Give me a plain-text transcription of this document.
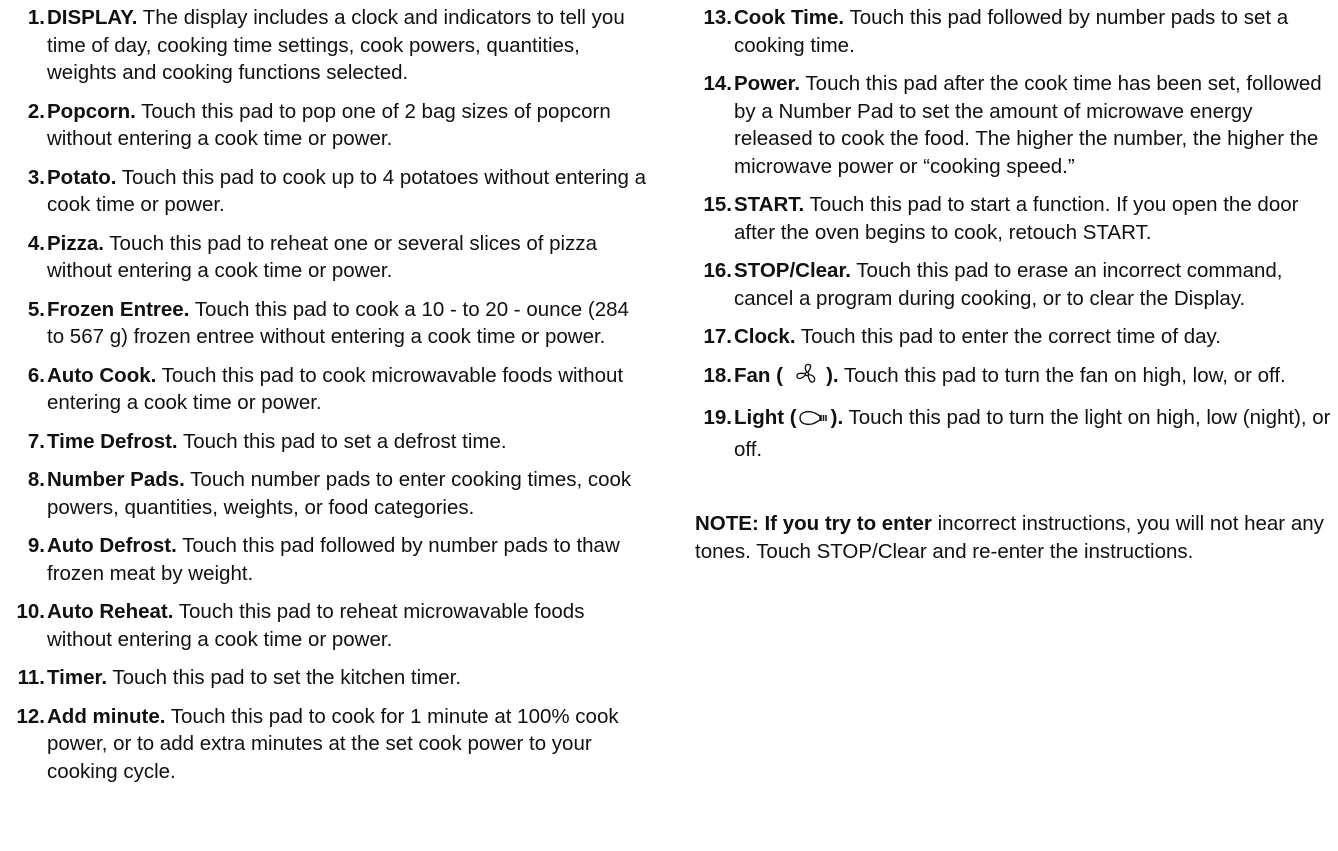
1. DISPLAY. The display includes a clock and indicators to tell you time of day, cooking time settings, cook powers, quantities, weights and cooking functions selected.
2. Popcorn. Touch this pad to pop one of 2 bag sizes of popcorn without entering a cook time or power.
3. Potato. Touch this pad to cook up to 4 potatoes without entering a cook time or power.
4. Pizza. Touch this pad to reheat one or several slices of pizza without entering a cook time or power.
5. Frozen Entree. Touch this pad to cook a 10 - to 20 - ounce (284 to 567 g) frozen entree without entering a cook time or power.
6. Auto Cook. Touch this pad to cook microwavable foods without entering a cook time or power.
7. Time Defrost. Touch this pad to set a defrost time.
8. Number Pads. Touch number pads to enter cooking times, cook powers, quantities, weights, or food categories.
9. Auto Defrost. Touch this pad followed by number pads to thaw frozen meat by weight.
10. Auto Reheat. Touch this pad to reheat microwavable foods without entering a cook time or power.
11. Timer. Touch this pad to set the kitchen timer.
12. Add minute. Touch this pad to cook for 1 minute at 100% cook power, or to add extra minutes at the set cook power to your cooking cycle.
13. Cook Time. Touch this pad followed by number pads to set a cooking time.
14. Power. Touch this pad after the cook time has been set, followed by a Number Pad to set the amount of microwave energy released to cook the food. The higher the number, the higher the microwave power or “cooking speed.”
15. START. Touch this pad to start a function. If you open the door after the oven begins to cook, retouch START.
16. STOP/Clear. Touch this pad to erase an incorrect command, cancel a program during cooking, or to clear the Display.
17. Clock. Touch this pad to enter the correct time of day.
18. Fan ( ). Touch this pad to turn the fan on high, low, or off.
19. Light ( ). Touch this pad to turn the light on high, low (night), or off.
NOTE: If you try to enter incorrect instructions, you will not hear any tones. Touch STOP/Clear and re-enter the instructions.
